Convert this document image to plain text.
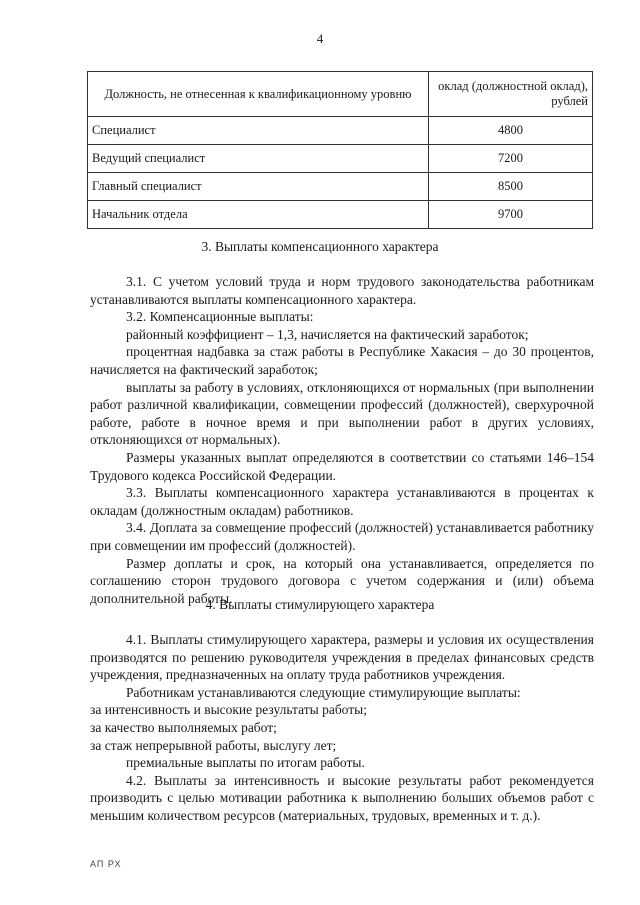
4
Должность, не отнесенная к квалификационному уровню	оклад (должностной оклад), рублей
Специалист	4800
Ведущий специалист	7200
Главный специалист	8500
Начальник отдела	9700
3. Выплаты компенсационного характера

3.1. С учетом условий труда и норм трудового законодательства работникам устанавливаются выплаты компенсационного характера.

3.2. Компенсационные выплаты:

районный коэффициент – 1,3, начисляется на фактический заработок;

процентная надбавка за стаж работы в Республике Хакасия – до 30 процентов, начисляется на фактический заработок;

выплаты за работу в условиях, отклоняющихся от нормальных (при выполнении работ различной квалификации, совмещении профессий (должностей), сверхурочной работе, работе в ночное время и при выполнении работ в других условиях, отклоняющихся от нормальных).

Размеры указанных выплат определяются в соответствии со статьями 146–154 Трудового кодекса Российской Федерации.

3.3. Выплаты компенсационного характера устанавливаются в процентах к окладам (должностным окладам) работников.

3.4. Доплата за совмещение профессий (должностей) устанавливается работнику при совмещении им профессий (должностей).

Размер доплаты и срок, на который она устанавливается, определяется по соглашению сторон трудового договора с учетом содержания и (или) объема дополнительной работы.

4. Выплаты стимулирующего характера

4.1. Выплаты стимулирующего характера, размеры и условия их осуществления производятся по решению руководителя учреждения в пределах финансовых средств учреждения, предназначенных на оплату труда работников учреждения.

Работникам устанавливаются следующие стимулирующие выплаты:

за интенсивность и высокие результаты работы;

за качество выполняемых работ;

за стаж непрерывной работы, выслугу лет;

премиальные выплаты по итогам работы.

4.2. Выплаты за интенсивность и высокие результаты работ рекомендуется производить с целью мотивации работника к выполнению больших объемов работ с меньшим количеством ресурсов (материальных, трудовых, временных и т. д.).

АП РХ
